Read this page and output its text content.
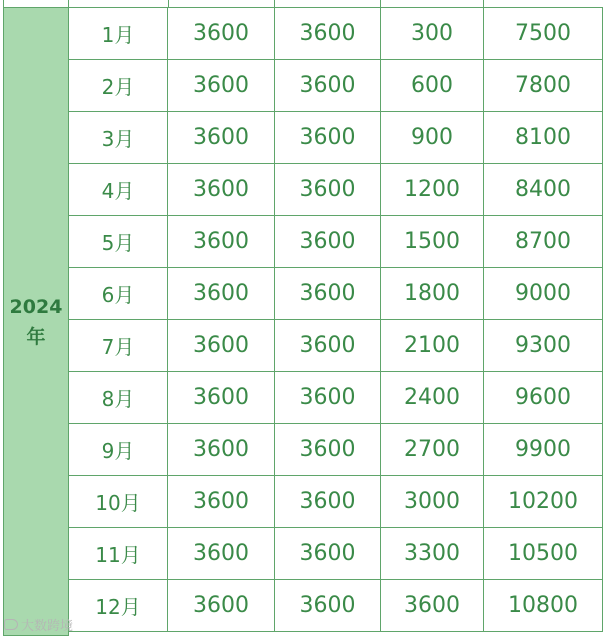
2024
年
1月	3600	3600	300	7500
2月	3600	3600	600	7800
3月	3600	3600	900	8100
4月	3600	3600	1200	8400
5月	3600	3600	1500	8700
6月	3600	3600	1800	9000
7月	3600	3600	2100	9300
8月	3600	3600	2400	9600
9月	3600	3600	2700	9900
10月	3600	3600	3000	10200
11月	3600	3600	3300	10500
12月	3600	3600	3600	10800
大数跨境
